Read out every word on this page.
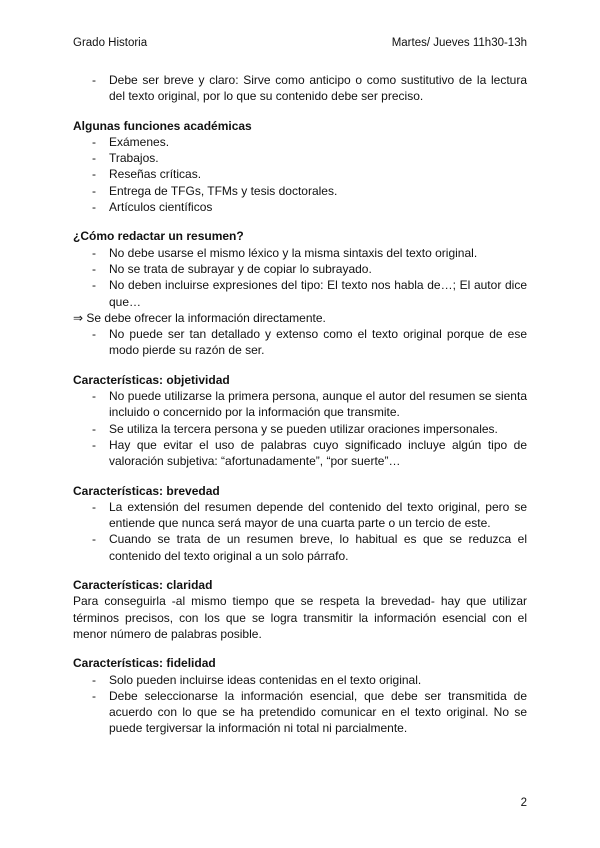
Grado Historia	Martes/ Jueves 11h30-13h
- Debe ser breve y claro: Sirve como anticipo o como sustitutivo de la lectura del texto original, por lo que su contenido debe ser preciso.

Algunas funciones académicas

- Exámenes.
- Trabajos.
- Reseñas críticas.
- Entrega de TFGs, TFMs y tesis doctorales.
- Artículos científicos

¿Cómo redactar un resumen?

- No debe usarse el mismo léxico y la misma sintaxis del texto original.
- No se trata de subrayar y de copiar lo subrayado.
- No deben incluirse expresiones del tipo: El texto nos habla de…; El autor dice que…
⇒ Se debe ofrecer la información directamente.
- No puede ser tan detallado y extenso como el texto original porque de ese modo pierde su razón de ser.

Características: objetividad

- No puede utilizarse la primera persona, aunque el autor del resumen se sienta incluido o concernido por la información que transmite.
- Se utiliza la tercera persona y se pueden utilizar oraciones impersonales.
- Hay que evitar el uso de palabras cuyo significado incluye algún tipo de valoración subjetiva: “afortunadamente”, “por suerte”…

Características: brevedad

- La extensión del resumen depende del contenido del texto original, pero se entiende que nunca será mayor de una cuarta parte o un tercio de este.
- Cuando se trata de un resumen breve, lo habitual es que se reduzca el contenido del texto original a un solo párrafo.

Características: claridad

Para conseguirla -al mismo tiempo que se respeta la brevedad- hay que utilizar términos precisos, con los que se logra transmitir la información esencial con el menor número de palabras posible.

Características: fidelidad

- Solo pueden incluirse ideas contenidas en el texto original.
- Debe seleccionarse la información esencial, que debe ser transmitida de acuerdo con lo que se ha pretendido comunicar en el texto original. No se puede tergiversar la información ni total ni parcialmente.
2
